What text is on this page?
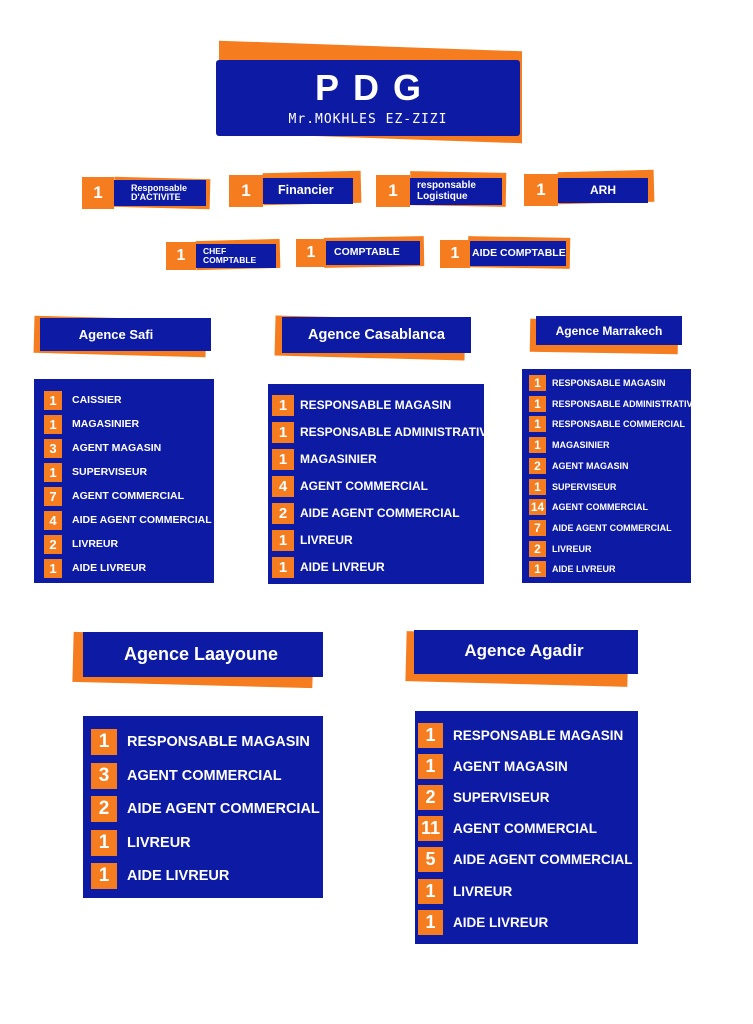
PDG
Mr.MOKHLES EZ-ZIZI
1	Responsable D'ACTIVITE	1	Financier	1	responsable Logistique	1	ARH
1	CHEF COMPTABLE	1	COMPTABLE	1	AIDE COMPTABLE
Agence Safi	Agence Casablanca	Agence Marrakech
Agence Laayoune	Agence Agadir
1	CAISSIER
1	MAGASINIER
3	AGENT MAGASIN
1	SUPERVISEUR
7	AGENT COMMERCIAL
4	AIDE AGENT COMMERCIAL
2	LIVREUR
1	AIDE LIVREUR
1	RESPONSABLE MAGASIN
1	RESPONSABLE ADMINISTRATIVE
1	MAGASINIER
4	AGENT COMMERCIAL
2	AIDE AGENT COMMERCIAL
1	LIVREUR
1	AIDE LIVREUR
1	RESPONSABLE MAGASIN
1	RESPONSABLE ADMINISTRATIVE
1	RESPONSABLE COMMERCIAL
1	MAGASINIER
2	AGENT MAGASIN
1	SUPERVISEUR
14 AGENT COMMERCIAL
7	AIDE AGENT COMMERCIAL
2	LIVREUR
1	AIDE LIVREUR
1	RESPONSABLE MAGASIN
3	AGENT COMMERCIAL
2	AIDE AGENT COMMERCIAL
1	LIVREUR
1	AIDE LIVREUR
1	RESPONSABLE MAGASIN
1	AGENT MAGASIN
2	SUPERVISEUR
11 AGENT COMMERCIAL
5	AIDE AGENT COMMERCIAL
1	LIVREUR
1	AIDE LIVREUR
